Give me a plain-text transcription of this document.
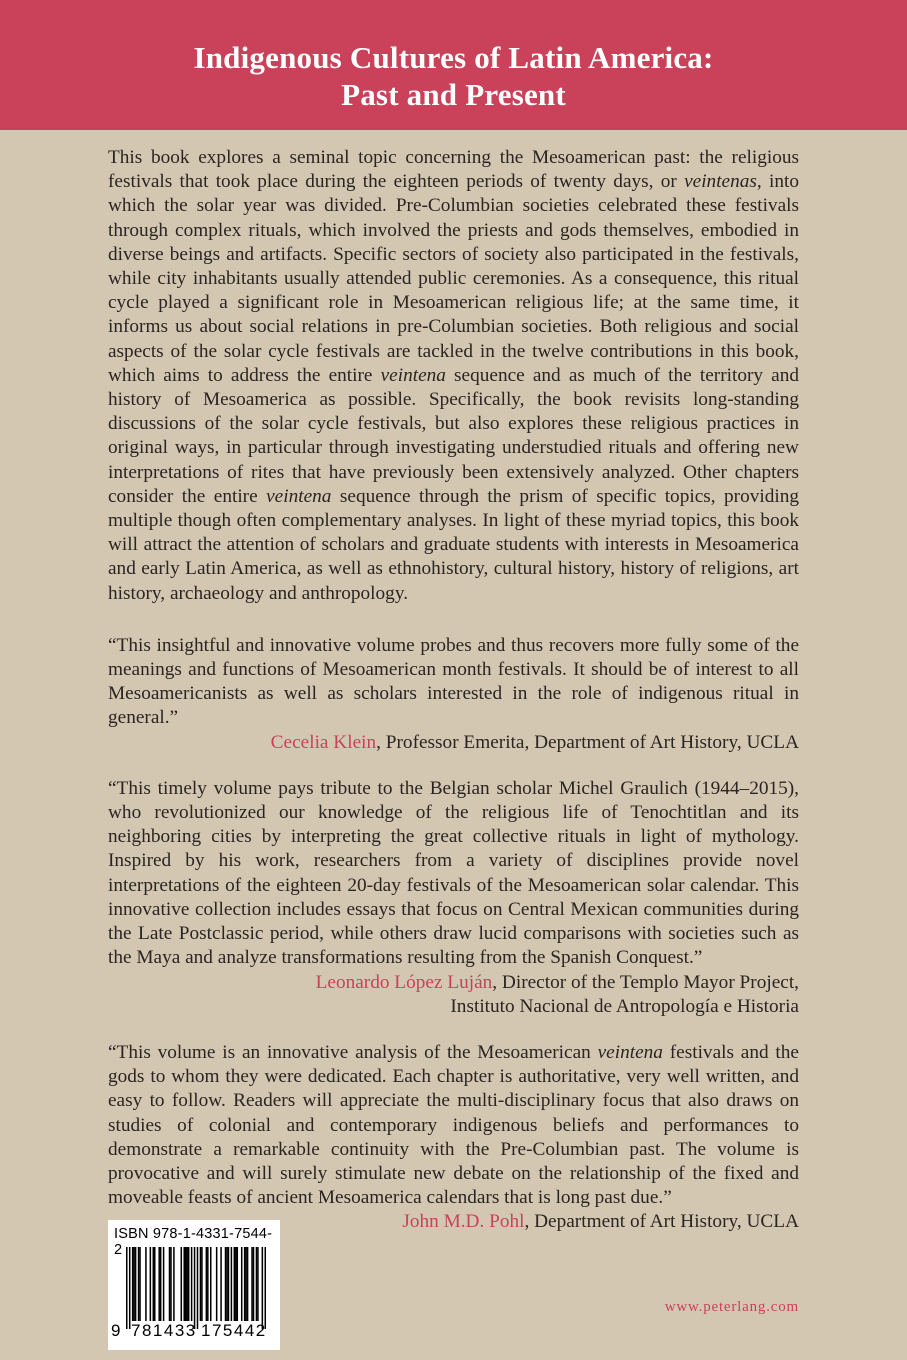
Indigenous Cultures of Latin America:
Past and Present

This book explores a seminal topic concerning the Mesoamerican past: the religious festivals that took place during the eighteen periods of twenty days, or veintenas, into which the solar year was divided. Pre-Columbian societies celebrated these festivals through complex rituals, which involved the priests and gods themselves, embodied in diverse beings and artifacts. Specific sectors of society also participated in the festivals, while city inhabitants usually attended public ceremonies. As a consequence, this ritual cycle played a significant role in Mesoamerican religious life; at the same time, it informs us about social relations in pre-Columbian societies. Both religious and social aspects of the solar cycle festivals are tackled in the twelve contributions in this book, which aims to address the entire veintena sequence and as much of the territory and history of Mesoamerica as possible. Specifically, the book revisits long-standing discussions of the solar cycle festivals, but also explores these religious practices in original ways, in particular through investigating understudied rituals and offering new interpretations of rites that have previously been extensively analyzed. Other chapters consider the entire veintena sequence through the prism of specific topics, providing multiple though often complementary analyses. In light of these myriad topics, this book will attract the attention of scholars and graduate students with interests in Mesoamerica and early Latin America, as well as ethnohistory, cultural history, history of religions, art history, archaeology and anthropology.

“This insightful and innovative volume probes and thus recovers more fully some of the meanings and functions of Mesoamerican month festivals. It should be of interest to all Mesoamericanists as well as scholars interested in the role of indigenous ritual in general.”

Cecelia Klein, Professor Emerita, Department of Art History, UCLA

“This timely volume pays tribute to the Belgian scholar Michel Graulich (1944–2015), who revolutionized our knowledge of the religious life of Tenochtitlan and its neighboring cities by interpreting the great collective rituals in light of mythology. Inspired by his work, researchers from a variety of disciplines provide novel interpretations of the eighteen 20-day festivals of the Mesoamerican solar calendar. This innovative collection includes essays that focus on Central Mexican communities during the Late Postclassic period, while others draw lucid comparisons with societies such as the Maya and analyze transformations resulting from the Spanish Conquest.”

Leonardo López Luján, Director of the Templo Mayor Project,
Instituto Nacional de Antropología e Historia

“This volume is an innovative analysis of the Mesoamerican veintena festivals and the gods to whom they were dedicated. Each chapter is authoritative, very well written, and easy to follow. Readers will appreciate the multi-disciplinary focus that also draws on studies of colonial and contemporary indigenous beliefs and performances to demonstrate a remarkable continuity with the Pre-Columbian past. The volume is provocative and will surely stimulate new debate on the relationship of the fixed and moveable feasts of ancient Mesoamerica calendars that is long past due.”

John M.D. Pohl, Department of Art History, UCLA

ISBN 978-1-4331-7544-2
9 781433 175442
www.peterlang.com
